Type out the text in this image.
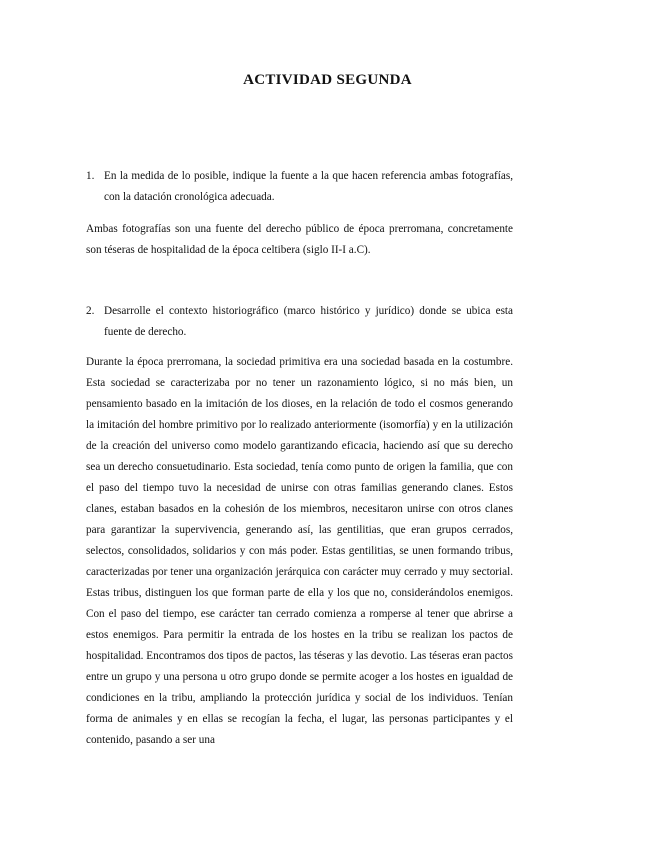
ACTIVIDAD SEGUNDA
1. En la medida de lo posible, indique la fuente a la que hacen referencia ambas fotografías, con la datación cronológica adecuada.
Ambas fotografías son una fuente del derecho público de época prerromana, concretamente son téseras de hospitalidad de la época celtibera (siglo II-I a.C).
2. Desarrolle el contexto historiográfico (marco histórico y jurídico) donde se ubica esta fuente de derecho.
Durante la época prerromana, la sociedad primitiva era una sociedad basada en la costumbre. Esta sociedad se caracterizaba por no tener un razonamiento lógico, si no más bien, un pensamiento basado en la imitación de los dioses, en la relación de todo el cosmos generando la imitación del hombre primitivo por lo realizado anteriormente (isomorfía) y en la utilización de la creación del universo como modelo garantizando eficacia, haciendo así que su derecho sea un derecho consuetudinario. Esta sociedad, tenía como punto de origen la familia, que con el paso del tiempo tuvo la necesidad de unirse con otras familias generando clanes. Estos clanes, estaban basados en la cohesión de los miembros, necesitaron unirse con otros clanes para garantizar la supervivencia, generando así, las gentilitias, que eran grupos cerrados, selectos, consolidados, solidarios y con más poder. Estas gentilitias, se unen formando tribus, caracterizadas por tener una organización jerárquica con carácter muy cerrado y muy sectorial. Estas tribus, distinguen los que forman parte de ella y los que no, considerándolos enemigos. Con el paso del tiempo, ese carácter tan cerrado comienza a romperse al tener que abrirse a estos enemigos. Para permitir la entrada de los hostes en la tribu se realizan los pactos de hospitalidad. Encontramos dos tipos de pactos, las téseras y las devotio. Las téseras eran pactos entre un grupo y una persona u otro grupo donde se permite acoger a los hostes en igualdad de condiciones en la tribu, ampliando la protección jurídica y social de los individuos. Tenían forma de animales y en ellas se recogían la fecha, el lugar, las personas participantes y el contenido, pasando a ser una
